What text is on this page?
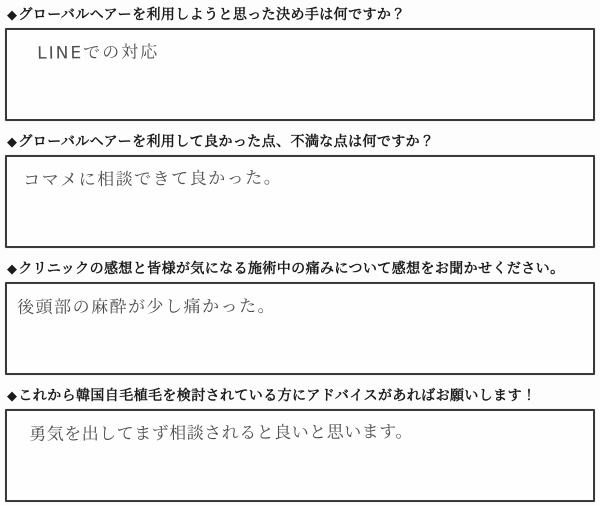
◆ グローバルヘアーを利用しようと思った決め手は何ですか？
LINEでの対応
◆ グローバルヘアーを利用して良かった点、不満な点は何ですか？
コマメに相談できて良かった。
◆ クリニックの感想と皆様が気になる施術中の痛みについて感想をお聞かせください。
後頭部の麻酔が少し痛かった。
◆ これから韓国自毛植毛を検討されている方にアドバイスがあればお願いします！
勇気を出してまず相談されると良いと思います。
